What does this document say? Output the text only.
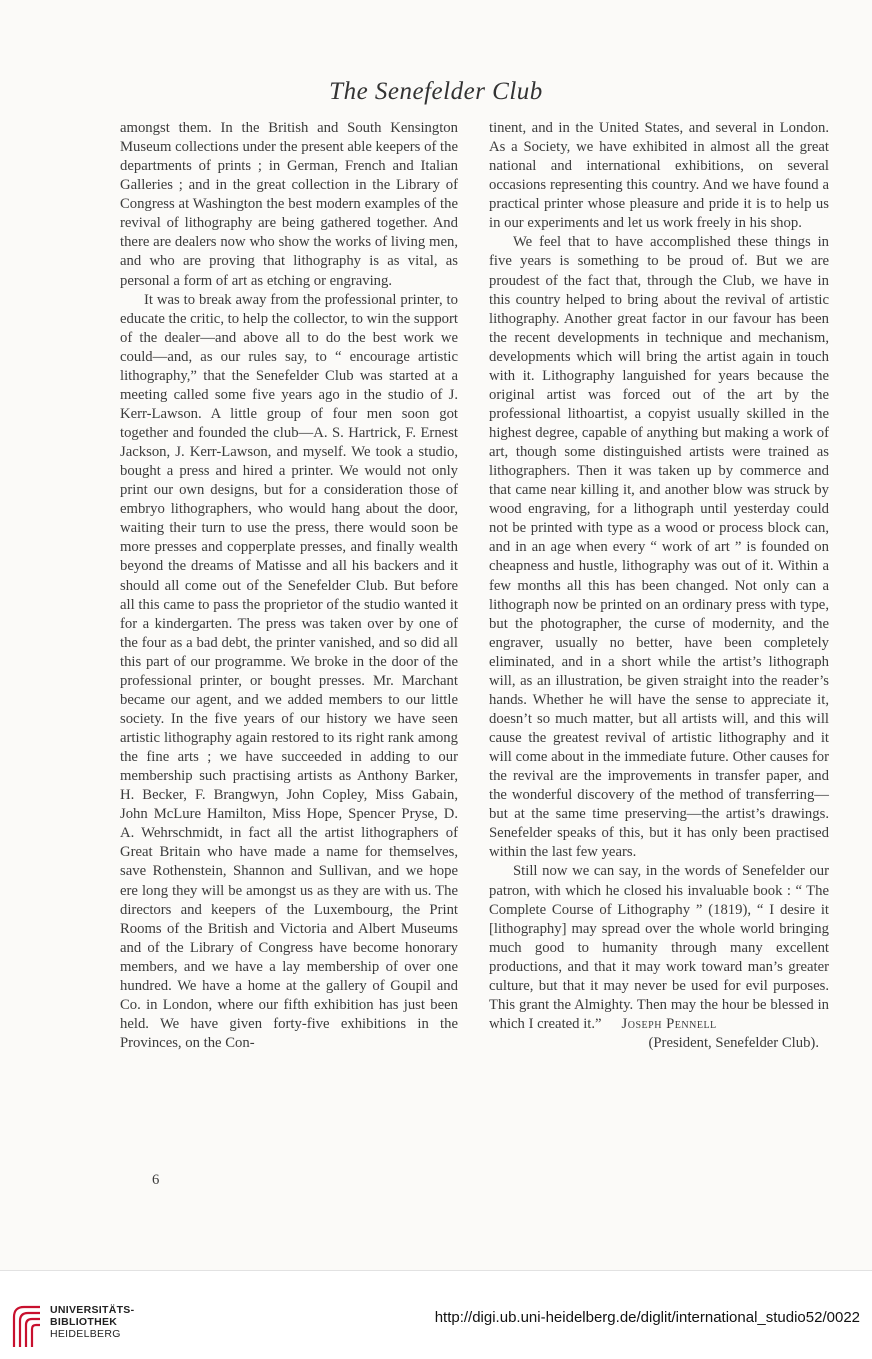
The Senefelder Club

amongst them. In the British and South Kensington Museum collections under the present able keepers of the departments of prints ; in German, French and Italian Galleries ; and in the great collection in the Library of Congress at Washington the best modern examples of the revival of lithography are being gathered together. And there are dealers now who show the works of living men, and who are proving that lithography is as vital, as personal a form of art as etching or engraving.

It was to break away from the professional printer, to educate the critic, to help the collector, to win the support of the dealer—and above all to do the best work we could—and, as our rules say, to “ encourage artistic lithography,” that the Senefelder Club was started at a meeting called some five years ago in the studio of J. Kerr-Lawson. A little group of four men soon got together and founded the club—A. S. Hartrick, F. Ernest Jackson, J. Kerr-Lawson, and myself. We took a studio, bought a press and hired a printer. We would not only print our own designs, but for a consideration those of embryo lithographers, who would hang about the door, waiting their turn to use the press, there would soon be more presses and copperplate presses, and finally wealth beyond the dreams of Matisse and all his backers and it should all come out of the Senefelder Club. But before all this came to pass the proprietor of the studio wanted it for a kindergarten. The press was taken over by one of the four as a bad debt, the printer vanished, and so did all this part of our programme. We broke in the door of the professional printer, or bought presses. Mr. Marchant became our agent, and we added members to our little society. In the five years of our history we have seen artistic lithography again restored to its right rank among the fine arts ; we have succeeded in adding to our membership such practising artists as Anthony Barker, H. Becker, F. Brangwyn, John Copley, Miss Gabain, John McLure Hamilton, Miss Hope, Spencer Pryse, D. A. Wehrschmidt, in fact all the artist lithographers of Great Britain who have made a name for themselves, save Rothenstein, Shannon and Sullivan, and we hope ere long they will be amongst us as they are with us. The directors and keepers of the Luxembourg, the Print Rooms of the British and Victoria and Albert Museums and of the Library of Congress have become honorary members, and we have a lay membership of over one hundred. We have a home at the gallery of Goupil and Co. in London, where our fifth exhibition has just been held. We have given forty-five exhibitions in the Provinces, on the Con-

6

tinent, and in the United States, and several in London. As a Society, we have exhibited in almost all the great national and international exhibitions, on several occasions representing this country. And we have found a practical printer whose pleasure and pride it is to help us in our experiments and let us work freely in his shop.

We feel that to have accomplished these things in five years is something to be proud of. But we are proudest of the fact that, through the Club, we have in this country helped to bring about the revival of artistic lithography. Another great factor in our favour has been the recent developments in technique and mechanism, developments which will bring the artist again in touch with it. Lithography languished for years because the original artist was forced out of the art by the professional lithoartist, a copyist usually skilled in the highest degree, capable of anything but making a work of art, though some distinguished artists were trained as lithographers. Then it was taken up by commerce and that came near killing it, and another blow was struck by wood engraving, for a lithograph until yesterday could not be printed with type as a wood or process block can, and in an age when every “ work of art ” is founded on cheapness and hustle, lithography was out of it. Within a few months all this has been changed. Not only can a lithograph now be printed on an ordinary press with type, but the photographer, the curse of modernity, and the engraver, usually no better, have been completely eliminated, and in a short while the artist’s lithograph will, as an illustration, be given straight into the reader’s hands. Whether he will have the sense to appreciate it, doesn’t so much matter, but all artists will, and this will cause the greatest revival of artistic lithography and it will come about in the immediate future. Other causes for the revival are the improvements in transfer paper, and the wonderful discovery of the method of transferring—but at the same time preserving—the artist’s drawings. Senefelder speaks of this, but it has only been practised within the last few years.

Still now we can say, in the words of Senefelder our patron, with which he closed his invaluable book : “ The Complete Course of Lithography ” (1819), “ I desire it [lithography] may spread over the whole world bringing much good to humanity through many excellent productions, and that it may work toward man’s greater culture, but that it may never be used for evil purposes. This grant the Almighty. Then may the hour be blessed in which I created it.” Joseph Pennell

(President, Senefelder Club).

UNIVERSITÄTS-
BIBLIOTHEK
HEIDELBERG
http://digi.ub.uni-heidelberg.de/diglit/international_studio52/0022
